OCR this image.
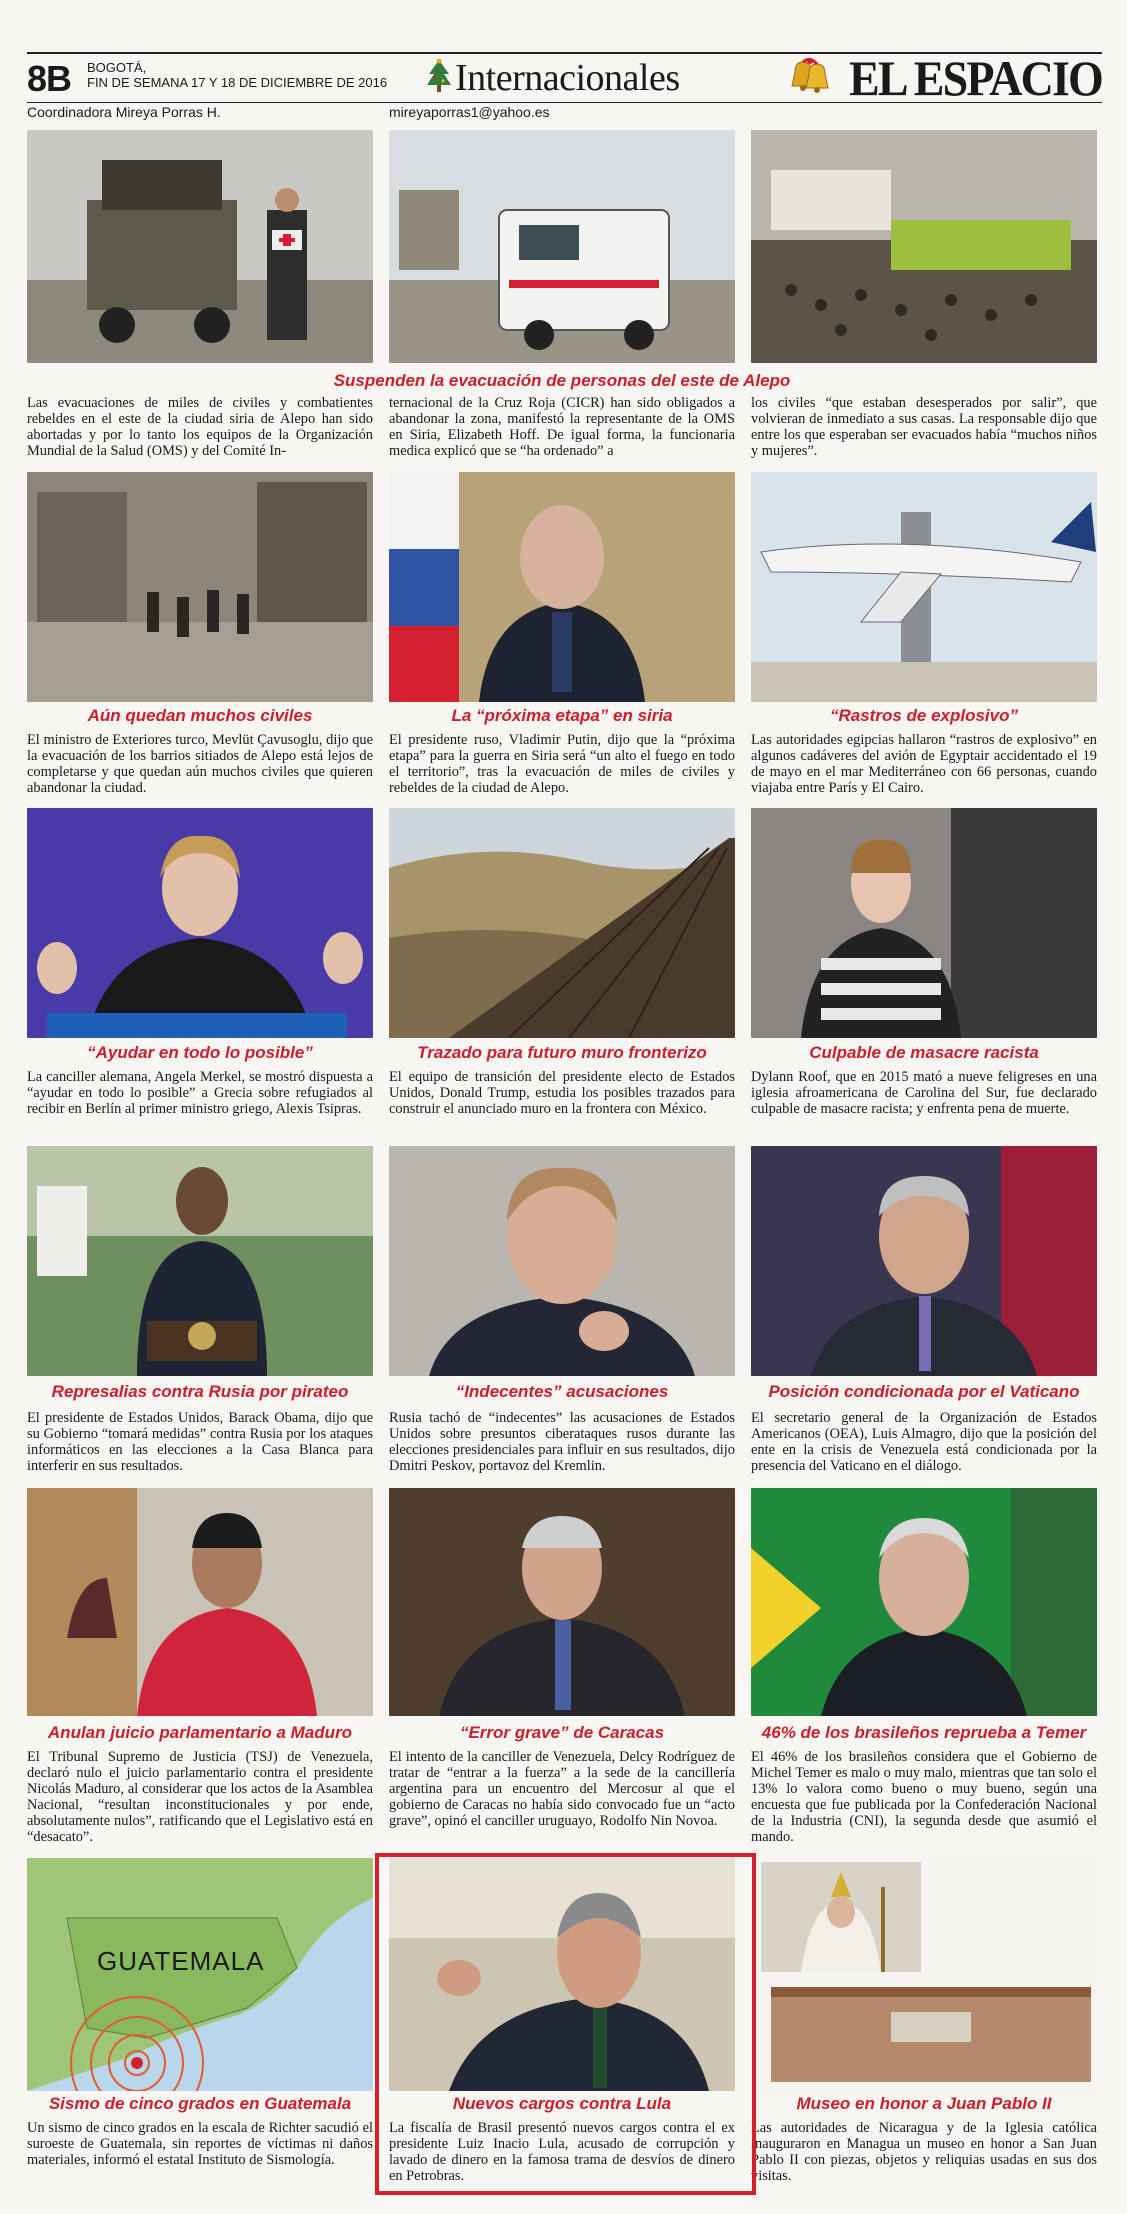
8B BOGOTÁ,
FIN DE SEMANA 17 Y 18 DE DICIEMBRE DE 2016 Internacionales	EL ESPACIO
Coordinadora Mireya Porras H.	mireyaporras1@yahoo.es
Suspenden la evacuación de personas del este de Alepo
Las evacuaciones de miles de civiles y combatientes rebeldes en el este de la ciudad siria de Alepo han sido abortadas y por lo tanto los equipos de la Organización Mundial de la Salud (OMS) y del Comité In-
ternacional de la Cruz Roja (CICR) han sido obligados a abandonar la zona, manifestó la representante de la OMS en Siria, Elizabeth Hoff. De igual forma, la funcionaria medica explicó que se “ha ordenado” a
los civiles “que estaban desesperados por salir”, que volvieran de inmediato a sus casas. La responsable dijo que entre los que esperaban ser evacuados había “muchos niños y mujeres”.
Aún quedan muchos civiles	La “próxima etapa” en siria	“Rastros de explosivo”
El ministro de Exteriores turco, Mevlüt Çavusoglu, dijo que la evacuación de los barrios sitiados de Alepo está lejos de completarse y que quedan aún muchos civiles que quieren abandonar la ciudad.
El presidente ruso, Vladimir Putin, dijo que la “próxima etapa” para la guerra en Siria será “un alto el fuego en todo el territorio”, tras la evacuación de miles de civiles y rebeldes de la ciudad de Alepo.
Las autoridades egipcias hallaron “rastros de explosivo” en algunos cadáveres del avión de Egyptair accidentado el 19 de mayo en el mar Mediterráneo con 66 personas, cuando viajaba entre París y El Cairo.
“Ayudar en todo lo posible”	Trazado para futuro muro fronterizo	Culpable de masacre racista
La canciller alemana, Angela Merkel, se mostró dispuesta a “ayudar en todo lo posible” a Grecia sobre refugiados al recibir en Berlín al primer ministro griego, Alexis Tsipras.
El equipo de transición del presidente electo de Estados Unidos, Donald Trump, estudia los posibles trazados para construir el anunciado muro en la frontera con México.
Dylann Roof, que en 2015 mató a nueve feligreses en una iglesia afroamericana de Carolina del Sur, fue declarado culpable de masacre racista; y enfrenta pena de muerte.
Represalias contra Rusia por pirateo	“Indecentes” acusaciones	Posición condicionada por el Vaticano
El presidente de Estados Unidos, Barack Obama, dijo que su Gobierno “tomará medidas” contra Rusia por los ataques informáticos en las elecciones a la Casa Blanca para interferir en sus resultados.
Rusia tachó de “indecentes” las acusaciones de Estados Unidos sobre presuntos ciberataques rusos durante las elecciones presidenciales para influir en sus resultados, dijo Dmitri Peskov, portavoz del Kremlin.
El secretario general de la Organización de Estados Americanos (OEA), Luis Almagro, dijo que la posición del ente en la crisis de Venezuela está condicionada por la presencia del Vaticano en el diálogo.
Anulan juicio parlamentario a Maduro	“Error grave” de Caracas	46% de los brasileños reprueba a Temer
El Tribunal Supremo de Justicia (TSJ) de Venezuela, declaró nulo el juicio parlamentario contra el presidente Nicolás Maduro, al considerar que los actos de la Asamblea Nacional, “resultan inconstitucionales y por ende, absolutamente nulos”, ratificando que el Legislativo está en “desacato”.
El intento de la canciller de Venezuela, Delcy Rodríguez de tratar de “entrar a la fuerza” a la sede de la cancillería argentina para un encuentro del Mercosur al que el gobierno de Caracas no había sido convocado fue un “acto grave”, opinó el canciller uruguayo, Rodolfo Nin Novoa.
El 46% de los brasileños considera que el Gobierno de Michel Temer es malo o muy malo, mientras que tan solo el 13% lo valora como bueno o muy bueno, según una encuesta que fue publicada por la Confederación Nacional de la Industria (CNI), la segunda desde que asumió el mando.
GUATEMALA
Sismo de cinco grados en Guatemala	Nuevos cargos contra Lula	Museo en honor a Juan Pablo II
Un sismo de cinco grados en la escala de Richter sacudió el suroeste de Guatemala, sin reportes de víctimas ni daños materiales, informó el estatal Instituto de Sismología.
La fiscalía de Brasil presentó nuevos cargos contra el ex presidente Luiz Inacio Lula, acusado de corrupción y lavado de dinero en la famosa trama de desvíos de dinero en Petrobras.
Las autoridades de Nicaragua y de la Iglesia católica inauguraron en Managua un museo en honor a San Juan Pablo II con piezas, objetos y reliquias usadas en sus dos visitas.
